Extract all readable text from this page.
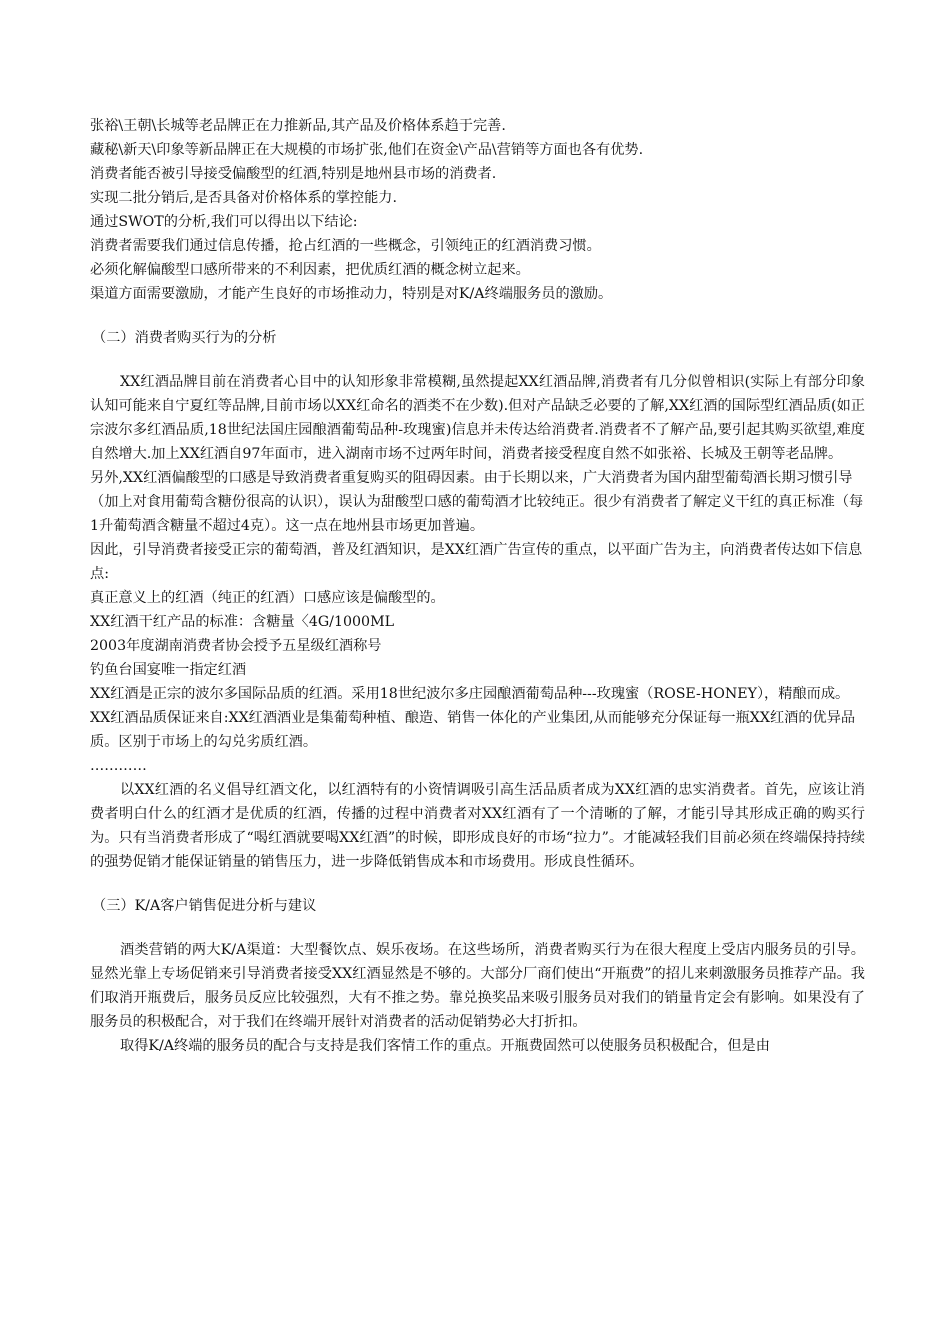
张裕\王朝\长城等老品牌正在力推新品,其产品及价格体系趋于完善.

藏秘\新天\印象等新品牌正在大规模的市场扩张,他们在资金\产品\营销等方面也各有优势.

消费者能否被引导接受偏酸型的红酒,特别是地州县市场的消费者.

实现二批分销后,是否具备对价格体系的掌控能力.

通过SWOT的分析,我们可以得出以下结论:

消费者需要我们通过信息传播，抢占红酒的一些概念，引领纯正的红酒消费习惯。

必须化解偏酸型口感所带来的不利因素，把优质红酒的概念树立起来。

渠道方面需要激励，才能产生良好的市场推动力，特别是对K/A终端服务员的激励。

（二）消费者购买行为的分析

XX红酒品牌目前在消费者心目中的认知形象非常模糊,虽然提起XX红酒品牌,消费者有几分似曾相识(实际上有部分印象认知可能来自宁夏红等品牌,目前市场以XX红命名的酒类不在少数).但对产品缺乏必要的了解,XX红酒的国际型红酒品质(如正宗波尔多红酒品质,18世纪法国庄园酿酒葡萄品种-玫瑰蜜)信息并未传达给消费者.消费者不了解产品,要引起其购买欲望,难度自然增大.加上XX红酒自97年面市，进入湖南市场不过两年时间，消费者接受程度自然不如张裕、长城及王朝等老品牌。

另外,XX红酒偏酸型的口感是导致消费者重复购买的阻碍因素。由于长期以来，广大消费者为国内甜型葡萄酒长期习惯引导（加上对食用葡萄含糖份很高的认识），误认为甜酸型口感的葡萄酒才比较纯正。很少有消费者了解定义干红的真正标准（每1升葡萄酒含糖量不超过4克）。这一点在地州县市场更加普遍。

因此，引导消费者接受正宗的葡萄酒，普及红酒知识，是XX红酒广告宣传的重点，以平面广告为主，向消费者传达如下信息点:

真正意义上的红酒（纯正的红酒）口感应该是偏酸型的。

XX红酒干红产品的标准：含糖量〈4G/1000ML

2003年度湖南消费者协会授予五星级红酒称号

钓鱼台国宴唯一指定红酒

XX红酒是正宗的波尔多国际品质的红酒。采用18世纪波尔多庄园酿酒葡萄品种---玫瑰蜜（ROSE-HONEY），精酿而成。

XX红酒品质保证来自:XX红酒酒业是集葡萄种植、酿造、销售一体化的产业集团,从而能够充分保证每一瓶XX红酒的优异品质。区别于市场上的勾兑劣质红酒。

…………

以XX红酒的名义倡导红酒文化，以红酒特有的小资情调吸引高生活品质者成为XX红酒的忠实消费者。首先，应该让消费者明白什么的红酒才是优质的红酒，传播的过程中消费者对XX红酒有了一个清晰的了解，才能引导其形成正确的购买行为。只有当消费者形成了“喝红酒就要喝XX红酒”的时候，即形成良好的市场“拉力”。才能减轻我们目前必须在终端保持持续的强势促销才能保证销量的销售压力，进一步降低销售成本和市场费用。形成良性循环。

（三）K/A客户销售促进分析与建议

酒类营销的两大K/A渠道：大型餐饮点、娱乐夜场。在这些场所，消费者购买行为在很大程度上受店内服务员的引导。显然光靠上专场促销来引导消费者接受XX红酒显然是不够的。大部分厂商们使出“开瓶费”的招儿来刺激服务员推荐产品。我们取消开瓶费后，服务员反应比较强烈，大有不推之势。靠兑换奖品来吸引服务员对我们的销量肯定会有影响。如果没有了服务员的积极配合，对于我们在终端开展针对消费者的活动促销势必大打折扣。

取得K/A终端的服务员的配合与支持是我们客情工作的重点。开瓶费固然可以使服务员积极配合，但是由
